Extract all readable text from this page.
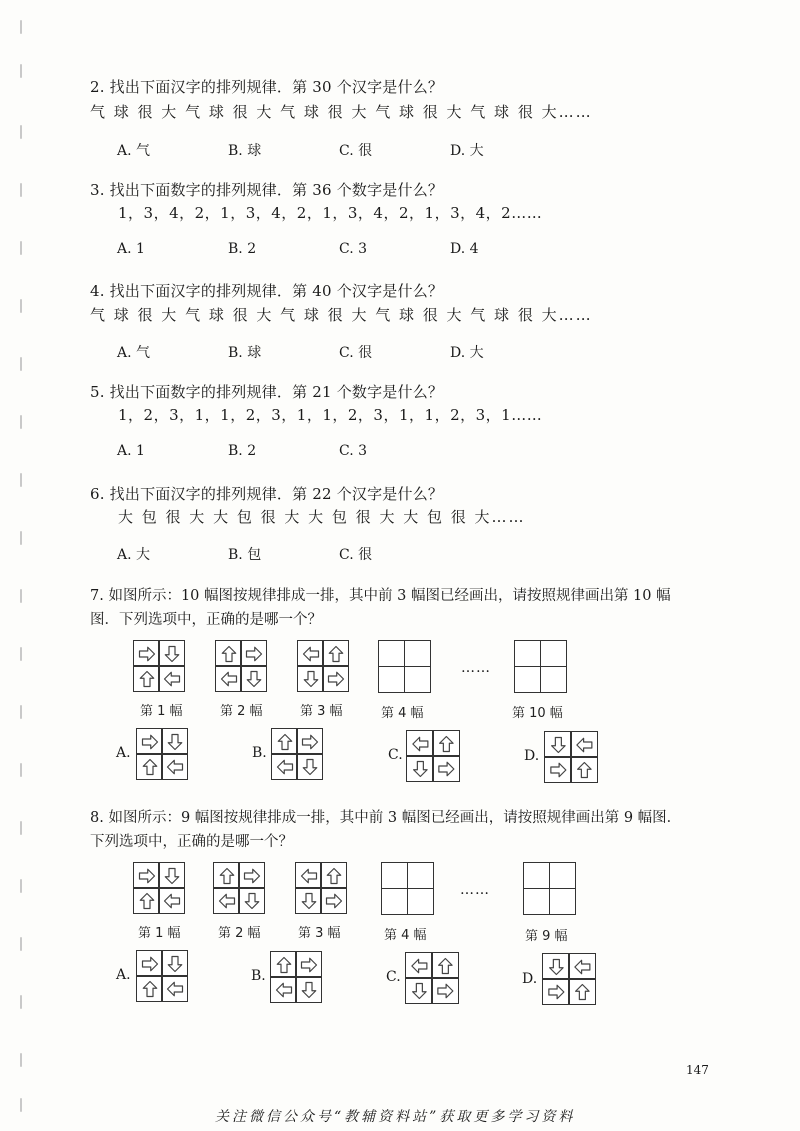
2. 找出下面汉字的排列规律．第 30 个汉字是什么？
气 球 很 大 气 球 很 大 气 球 很 大 气 球 很 大 气 球 很 大……
A. 气	B. 球	C. 很	D. 大
3. 找出下面数字的排列规律．第 36 个数字是什么？
1，3，4，2，1，3，4，2，1，3，4，2，1，3，4，2……
A. 1	B. 2	C. 3	D. 4
4. 找出下面汉字的排列规律．第 40 个汉字是什么？
气 球 很 大 气 球 很 大 气 球 很 大 气 球 很 大 气 球 很 大……
A. 气	B. 球	C. 很	D. 大
5. 找出下面数字的排列规律．第 21 个数字是什么？
1，2，3，1，1，2，3，1，1，2，3，1，1，2，3，1……
A. 1	B. 2	C. 3
6. 找出下面汉字的排列规律．第 22 个汉字是什么？
大 包 很 大 大 包 很 大 大 包 很 大 大 包 很 大……
A. 大	B. 包	C. 很
7. 如图所示：10 幅图按规律排成一排，其中前 3 幅图已经画出，请按照规律画出第 10 幅图．下列选项中，正确的是哪一个？
……
第 1 幅	第 2 幅	第 3 幅	第 4 幅	第 10 幅
A.	B.	C.	D.
8. 如图所示：9 幅图按规律排成一排，其中前 3 幅图已经画出，请按照规律画出第 9 幅图．下列选项中，正确的是哪一个？
……
第 1 幅	第 2 幅	第 3 幅	第 4 幅	第 9 幅
A.	B.	C.	D.
147
关注微信公众号“教辅资料站”获取更多学习资料
